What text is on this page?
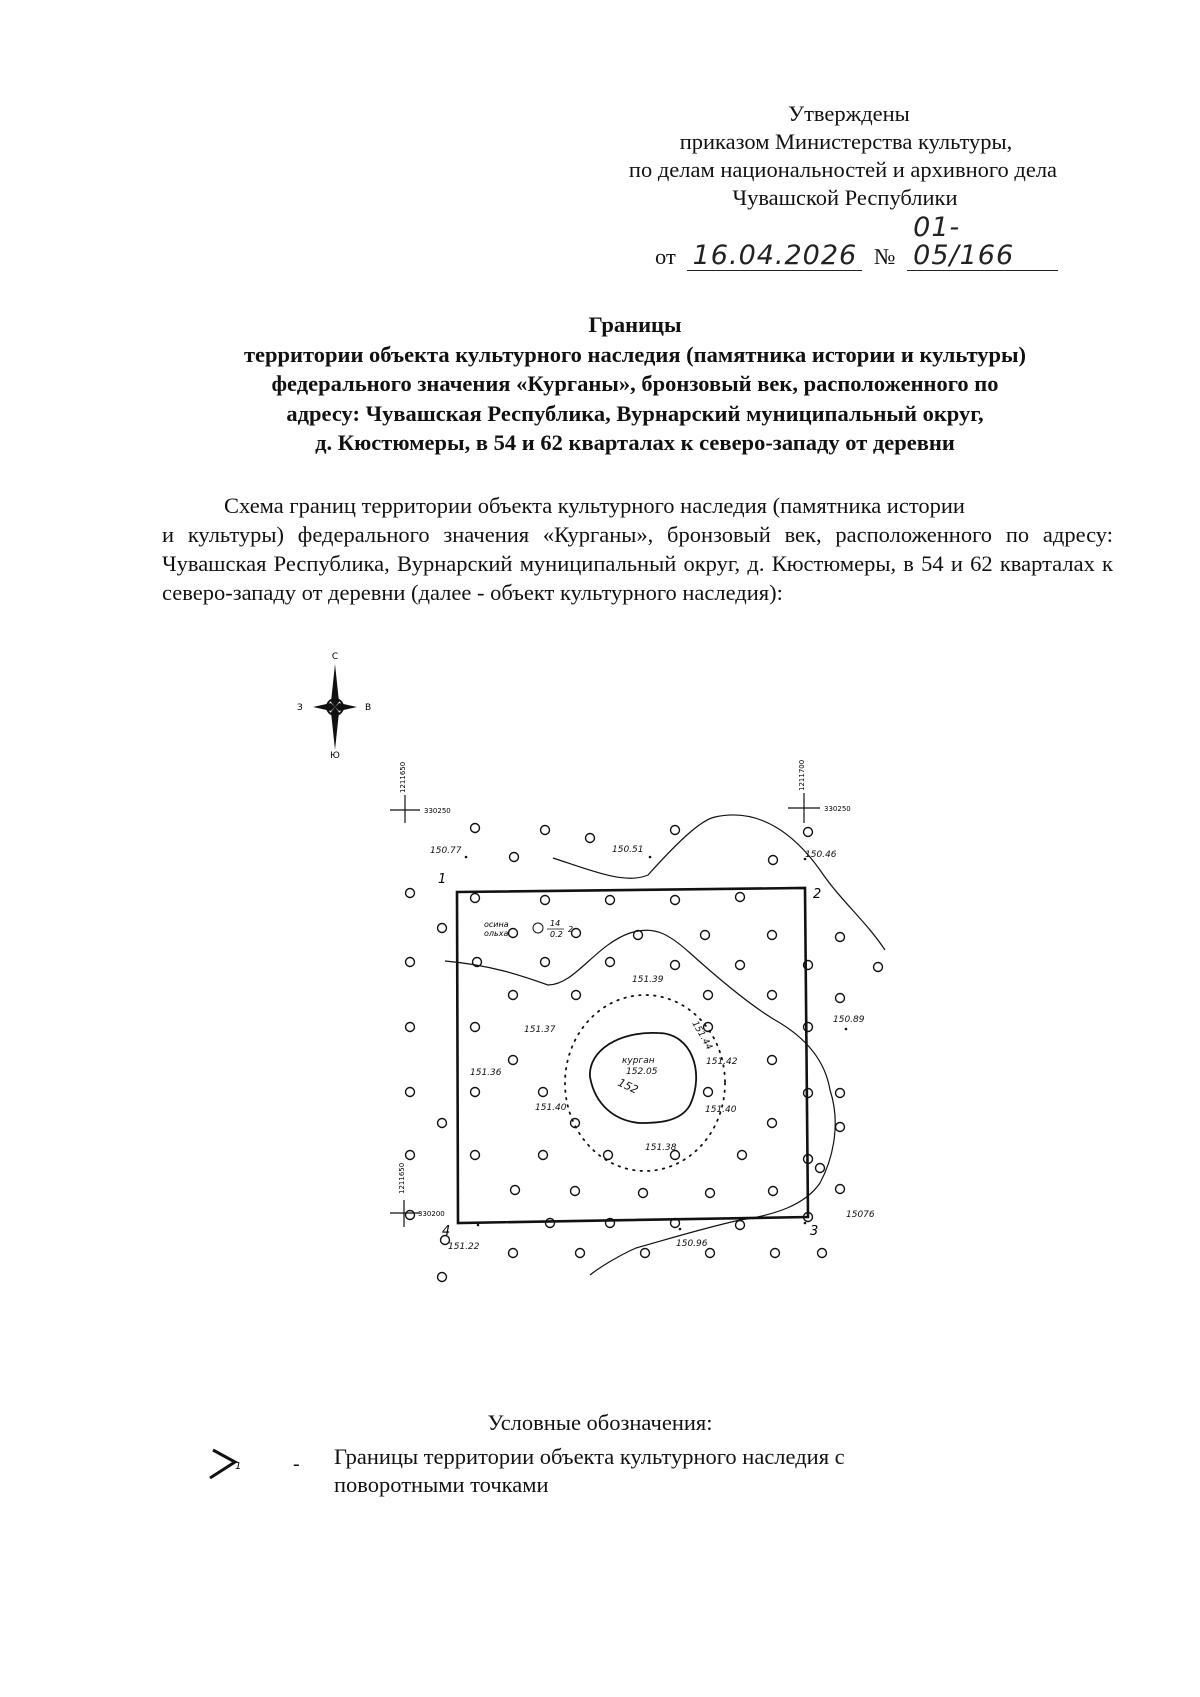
Утверждены
приказом Министерства культуры,
по делам национальностей и архивного дела
Чувашской Республики
от 16.04.2026 № 01-05/166
Границы
территории объекта культурного наследия (памятника истории и культуры)
федерального значения «Курганы», бронзовый век, расположенного по
адресу: Чувашская Республика, Вурнарский муниципальный округ,
д. Кюстюмеры, в 54 и 62 кварталах к северо-западу от деревни
Схема границ территории объекта культурного наследия (памятника истории
и культуры) федерального значения «Курганы», бронзовый век, расположенного по адресу: Чувашская Республика, Вурнарский муниципальный округ, д. Кюстюмеры, в 54 и 62 кварталах к северо-западу от деревни (далее - объект культурного наследия):
С
Ю
З	В
330250
1211650
330250
1211700
330200
1211650
1
2
3
4
150.77	150.51	150.46
151.39
151.37	151.44	150.89
151.42
151.36	152.05
151.40	151.40
151.38
15076
151.22	150.96
курган
152
осина
ольха
14
0.2
2
Условные обозначения:
1	- Границы территории объекта культурного наследия с
поворотными точками
